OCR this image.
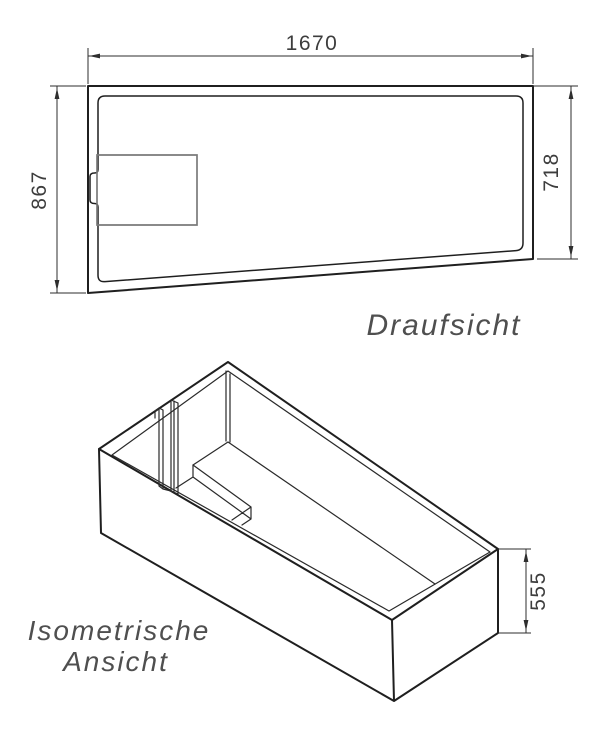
1670
867	718
Draufsicht
555
Isometrische
Ansicht
